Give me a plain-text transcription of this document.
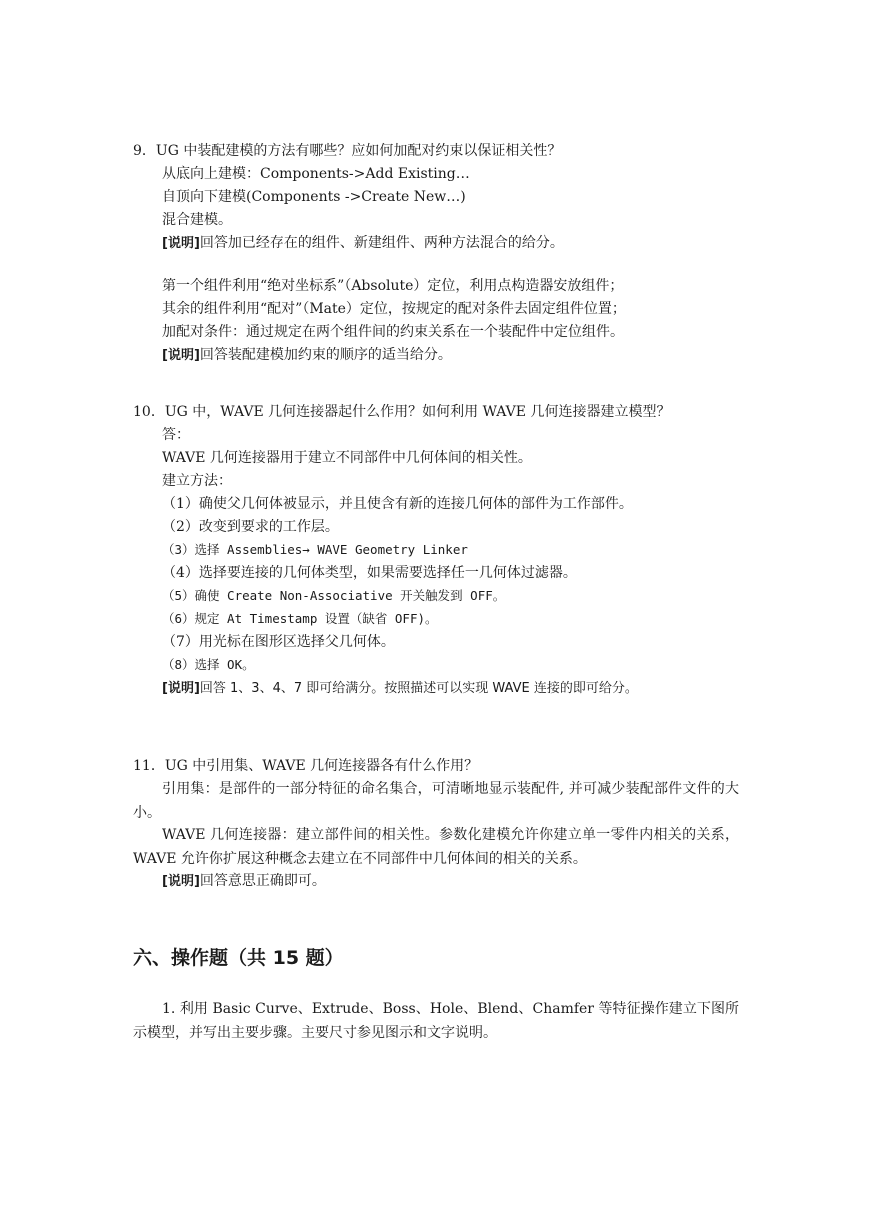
9．UG 中装配建模的方法有哪些？应如何加配对约束以保证相关性？
从底向上建模：Components->Add Existing…
自顶向下建模(Components ->Create New…)
混合建模。
[说明]回答加已经存在的组件、新建组件、两种方法混合的给分。
第一个组件利用“绝对坐标系”（Absolute）定位，利用点构造器安放组件；
其余的组件利用“配对”（Mate）定位，按规定的配对条件去固定组件位置；
加配对条件：通过规定在两个组件间的约束关系在一个装配件中定位组件。
[说明]回答装配建模加约束的顺序的适当给分。
10．UG 中，WAVE 几何连接器起什么作用？如何利用 WAVE 几何连接器建立模型？
答：
WAVE 几何连接器用于建立不同部件中几何体间的相关性。
建立方法：
（1）确使父几何体被显示，并且使含有新的连接几何体的部件为工作部件。
（2）改变到要求的工作层。
（3）选择 Assemblies→ WAVE Geometry Linker
（4）选择要连接的几何体类型，如果需要选择任一几何体过滤器。
（5）确使 Create Non-Associative 开关触发到 OFF。
（6）规定 At Timestamp 设置（缺省 OFF)。
（7）用光标在图形区选择父几何体。
（8）选择 OK。
[说明]回答 1、3、4、7 即可给满分。按照描述可以实现 WAVE 连接的即可给分。
11．UG 中引用集、WAVE 几何连接器各有什么作用？
引用集：是部件的一部分特征的命名集合，可清晰地显示装配件, 并可减少装配部件文件的大小。
WAVE 几何连接器：建立部件间的相关性。参数化建模允许你建立单一零件内相关的关系，WAVE 允许你扩展这种概念去建立在不同部件中几何体间的相关的关系。
[说明]回答意思正确即可。
六、操作题（共 15 题）
1. 利用 Basic Curve、Extrude、Boss、Hole、Blend、Chamfer 等特征操作建立下图所示模型，并写出主要步骤。主要尺寸参见图示和文字说明。
